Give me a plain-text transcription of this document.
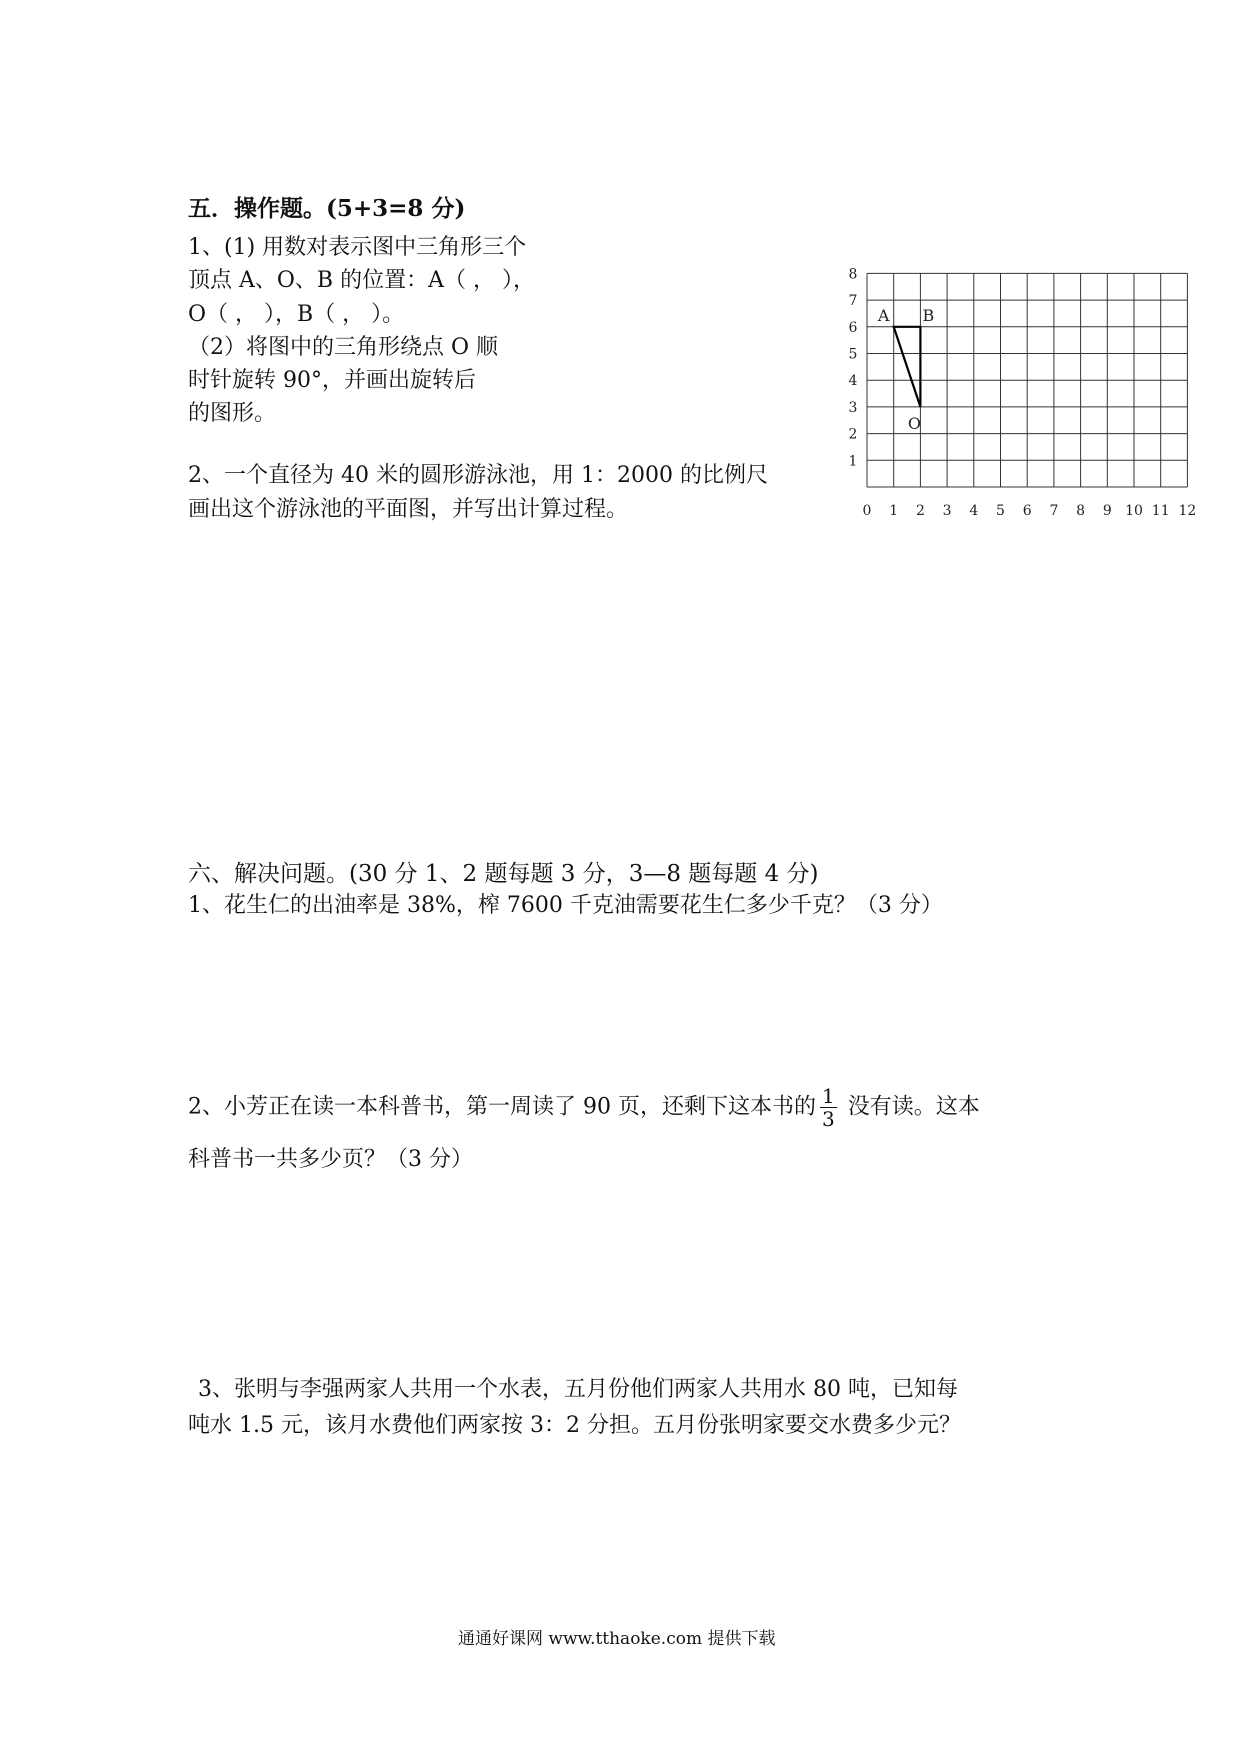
五．操作题。(5+3=8 分)
1、(1) 用数对表示图中三角形三个
顶点 A、O、B 的位置：A（ ， ），
O（ ， ），B（ ， ）。
（2）将图中的三角形绕点 O 顺
时针旋转 90°，并画出旋转后
的图形。
2、一个直径为 40 米的圆形游泳池，用 1：2000 的比例尺
画出这个游泳池的平面图，并写出计算过程。
A B
O
0 1 2 3 4 5 6 7 8 9 10 11 12
1
2
3
4
5
6
7
8
六、解决问题。(30 分 1、2 题每题 3 分，3—8 题每题 4 分)
1、花生仁的出油率是 38%，榨 7600 千克油需要花生仁多少千克？（3 分）
2、小芳正在读一本科普书，第一周读了 90 页，还剩下这本书的 $\frac{1}{3}$ 没有读。这本
科普书一共多少页？（3 分）
3、张明与李强两家人共用一个水表，五月份他们两家人共用水 80 吨，已知每
吨水 1.5 元，该月水费他们两家按 3：2 分担。五月份张明家要交水费多少元？
通通好课网 www.tthaoke.com 提供下载
